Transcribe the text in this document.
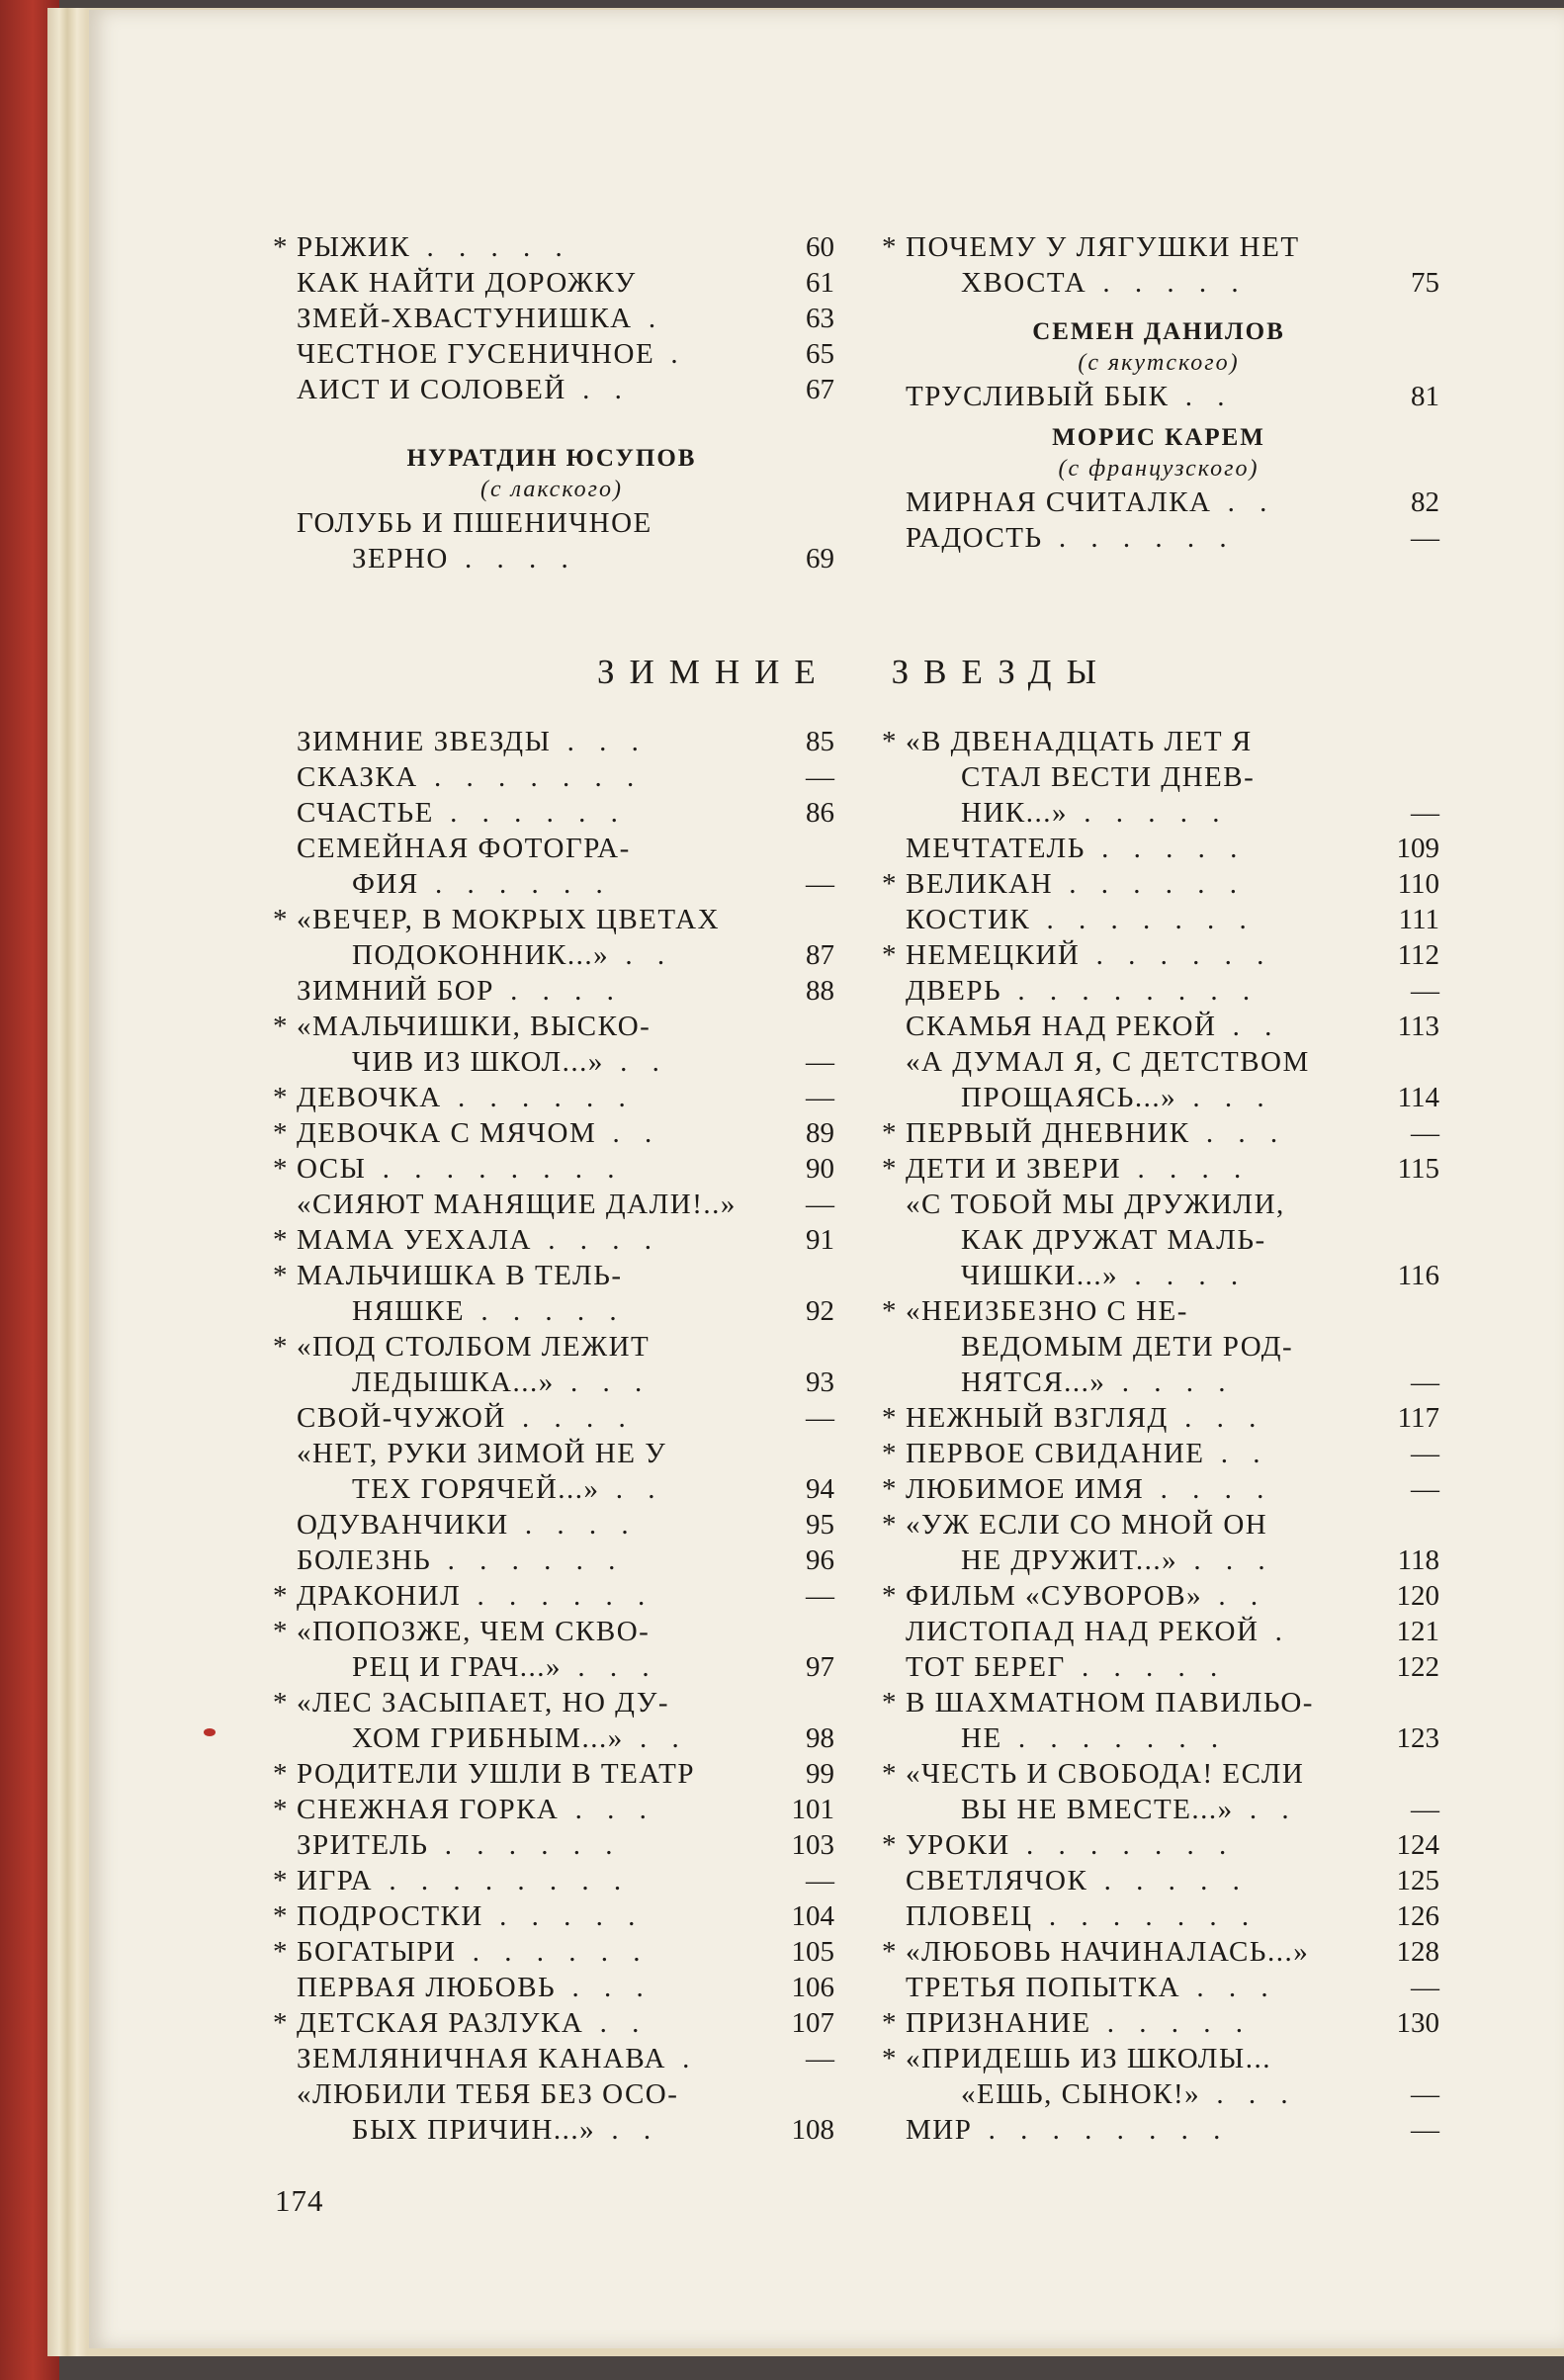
* РЫЖИК . . . . .	60
КАК НАЙТИ ДОРОЖКУ	61
ЗМЕЙ-ХВАСТУНИШКА .	63
ЧЕСТНОЕ ГУСЕНИЧНОЕ .	65
АИСТ И СОЛОВЕЙ . .	67
НУРАТДИН ЮСУПОВ
(с лакского)
ГОЛУБЬ И ПШЕНИЧНОЕ
ЗЕРНО . . . .	69
* ПОЧЕМУ У ЛЯГУШКИ НЕТ
ХВОСТА . . . . .	75
СЕМЕН ДАНИЛОВ
(с якутского)
ТРУСЛИВЫЙ БЫК . .	81
МОРИС КАРЕМ
(с французского)
МИРНАЯ СЧИТАЛКА . .	82
РАДОСТЬ . . . . . .	—
ЗИМНИЕ ЗВЕЗДЫ
ЗИМНИЕ ЗВЕЗДЫ . . .	85
СКАЗКА . . . . . . .	—
СЧАСТЬЕ . . . . . .	86
СЕМЕЙНАЯ ФОТОГРА-
ФИЯ . . . . . .	—
* «ВЕЧЕР, В МОКРЫХ ЦВЕТАХ
ПОДОКОННИК...» . .	87
ЗИМНИЙ БОР . . . .	88
* «МАЛЬЧИШКИ, ВЫСКО-
ЧИВ ИЗ ШКОЛ...» . .	—
* ДЕВОЧКА . . . . . .	—
* ДЕВОЧКА С МЯЧОМ . .	89
* ОСЫ . . . . . . . .	90
«СИЯЮТ МАНЯЩИЕ ДАЛИ!..»	—
* МАМА УЕХАЛА . . . .	91
* МАЛЬЧИШКА В ТЕЛЬ-
НЯШКЕ . . . . .	92
* «ПОД СТОЛБОМ ЛЕЖИТ
ЛЕДЫШКА...» . . .	93
СВОЙ-ЧУЖОЙ . . . .	—
«НЕТ, РУКИ ЗИМОЙ НЕ У
ТЕХ ГОРЯЧЕЙ...» . .	94
ОДУВАНЧИКИ . . . .	95
БОЛЕЗНЬ . . . . . .	96
* ДРАКОНИЛ . . . . . .	—
* «ПОПОЗЖЕ, ЧЕМ СКВО-
РЕЦ И ГРАЧ...» . . .	97
* «ЛЕС ЗАСЫПАЕТ, НО ДУ-
ХОМ ГРИБНЫМ...» . .	98
* РОДИТЕЛИ УШЛИ В ТЕАТР	99
* СНЕЖНАЯ ГОРКА . . .	101
ЗРИТЕЛЬ . . . . . .	103
* ИГРА . . . . . . . .	—
* ПОДРОСТКИ . . . . .	104
* БОГАТЫРИ . . . . . .	105
ПЕРВАЯ ЛЮБОВЬ . . .	106
* ДЕТСКАЯ РАЗЛУКА . .	107
ЗЕМЛЯНИЧНАЯ КАНАВА .	—
«ЛЮБИЛИ ТЕБЯ БЕЗ ОСО-
БЫХ ПРИЧИН...» . .	108
* «В ДВЕНАДЦАТЬ ЛЕТ Я
СТАЛ ВЕСТИ ДНЕВ-
НИК...» . . . . .	—
МЕЧТАТЕЛЬ . . . . .	109
* ВЕЛИКАН . . . . . .	110
КОСТИК . . . . . . .	111
* НЕМЕЦКИЙ . . . . . .	112
ДВЕРЬ . . . . . . . .	—
СКАМЬЯ НАД РЕКОЙ . .	113
«А ДУМАЛ Я, С ДЕТСТВОМ
ПРОЩАЯСЬ...» . . .	114
* ПЕРВЫЙ ДНЕВНИК . . .	—
* ДЕТИ И ЗВЕРИ . . . .	115
«С ТОБОЙ МЫ ДРУЖИЛИ,
КАК ДРУЖАТ МАЛЬ-
ЧИШКИ...» . . . .	116
* «НЕИЗБЕЗНО С НЕ-
ВЕДОМЫМ ДЕТИ РОД-
НЯТСЯ...» . . . .	—
* НЕЖНЫЙ ВЗГЛЯД . . .	117
* ПЕРВОЕ СВИДАНИЕ . .	—
* ЛЮБИМОЕ ИМЯ . . . .	—
* «УЖ ЕСЛИ СО МНОЙ ОН
НЕ ДРУЖИТ...» . . .	118
* ФИЛЬМ «СУВОРОВ» . .	120
ЛИСТОПАД НАД РЕКОЙ .	121
ТОТ БЕРЕГ . . . . .	122
* В ШАХМАТНОМ ПАВИЛЬО-
НЕ . . . . . . .	123
* «ЧЕСТЬ И СВОБОДА! ЕСЛИ
ВЫ НЕ ВМЕСТЕ...» . .	—
* УРОКИ . . . . . . .	124
СВЕТЛЯЧОК . . . . .	125
ПЛОВЕЦ . . . . . . .	126
* «ЛЮБОВЬ НАЧИНАЛАСЬ...»	128
ТРЕТЬЯ ПОПЫТКА . . .	—
* ПРИЗНАНИЕ . . . . .	130
* «ПРИДЕШЬ ИЗ ШКОЛЫ...
«ЕШЬ, СЫНОК!» . . .	—
МИР . . . . . . . .	—
174
